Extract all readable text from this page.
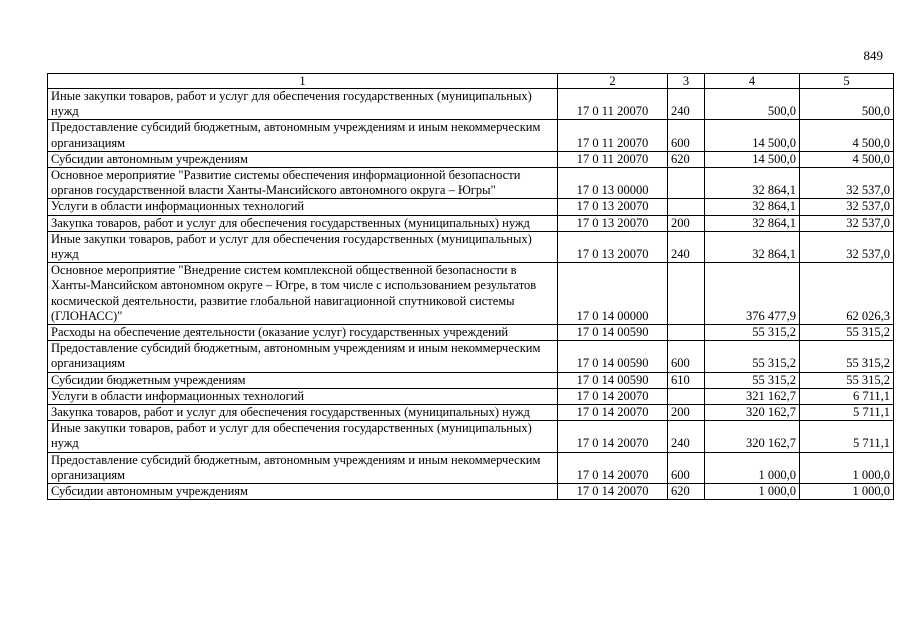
849
1	2	3	4	5
Иные закупки товаров, работ и услуг для обеспечения государственных (муниципальных) нужд	17 0 11 20070	240	500,0	500,0
Предоставление субсидий бюджетным, автономным учреждениям и иным некоммерческим организациям	17 0 11 20070	600	14 500,0	4 500,0
Субсидии автономным учреждениям	17 0 11 20070	620	14 500,0	4 500,0
Основное мероприятие "Развитие системы обеспечения информационной безопасности органов государственной власти Ханты-Мансийского автономного округа – Югры"	17 0 13 00000		32 864,1	32 537,0
Услуги в области информационных технологий	17 0 13 20070		32 864,1	32 537,0
Закупка товаров, работ и услуг для обеспечения государственных (муниципальных) нужд	17 0 13 20070	200	32 864,1	32 537,0
Иные закупки товаров, работ и услуг для обеспечения государственных (муниципальных) нужд	17 0 13 20070	240	32 864,1	32 537,0
Основное мероприятие "Внедрение систем комплексной общественной безопасности в Ханты-Мансийском автономном округе – Югре, в том числе с использованием результатов космической деятельности, развитие глобальной навигационной спутниковой системы (ГЛОНАСС)"	17 0 14 00000		376 477,9	62 026,3
Расходы на обеспечение деятельности (оказание услуг) государственных учреждений	17 0 14 00590		55 315,2	55 315,2
Предоставление субсидий бюджетным, автономным учреждениям и иным некоммерческим организациям	17 0 14 00590	600	55 315,2	55 315,2
Субсидии бюджетным учреждениям	17 0 14 00590	610	55 315,2	55 315,2
Услуги в области информационных технологий	17 0 14 20070		321 162,7	6 711,1
Закупка товаров, работ и услуг для обеспечения государственных (муниципальных) нужд	17 0 14 20070	200	320 162,7	5 711,1
Иные закупки товаров, работ и услуг для обеспечения государственных (муниципальных) нужд	17 0 14 20070	240	320 162,7	5 711,1
Предоставление субсидий бюджетным, автономным учреждениям и иным некоммерческим организациям	17 0 14 20070	600	1 000,0	1 000,0
Субсидии автономным учреждениям	17 0 14 20070	620	1 000,0	1 000,0
